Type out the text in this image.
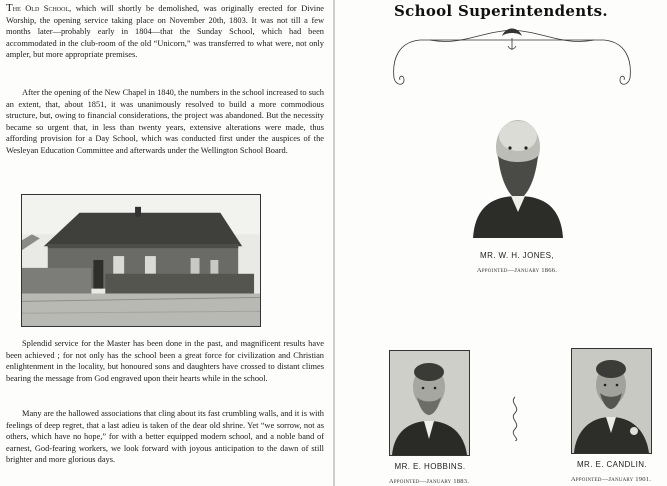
The Old School, which will shortly be demolished, was originally erected for Divine Worship, the opening service taking place on November 20th, 1803. It was not till a few months later—probably early in 1804—that the Sunday School, which had been accommodated in the club-room of the old “Unicorn,” was transferred to what were, not only ampler, but more appropriate premises.

After the opening of the New Chapel in 1840, the numbers in the school increased to such an extent, that, about 1851, it was unanimously resolved to build a more commodious structure, but, owing to financial considerations, the project was abandoned. But the necessity became so urgent that, in less than twenty years, extensive alterations were made, thus affording provision for a Day School, which was conducted first under the auspices of the Wesleyan Education Committee and afterwards under the Wellington School Board.

Splendid service for the Master has been done in the past, and magnificent results have been achieved ; for not only has the school been a great force for civilization and Christian enlightenment in the locality, but honoured sons and daughters have crossed to distant climes bearing the message from God engraved upon their hearts while in the school.

Many are the hallowed associations that cling about its fast crumbling walls, and it is with feelings of deep regret, that a last adieu is taken of the dear old shrine. Yet “we sorrow, not as others, which have no hope,” for with a better equipped modern school, and a noble band of earnest, God-fearing workers, we look forward with joyous anticipation to the dawn of still brighter and more glorious days.

School Superintendents.
MR. W. H. JONES,
Appointed—January 1866.
MR. E. HOBBINS.
Appointed—January 1883.
MR. E. CANDLIN.
Appointed—January 1901.
